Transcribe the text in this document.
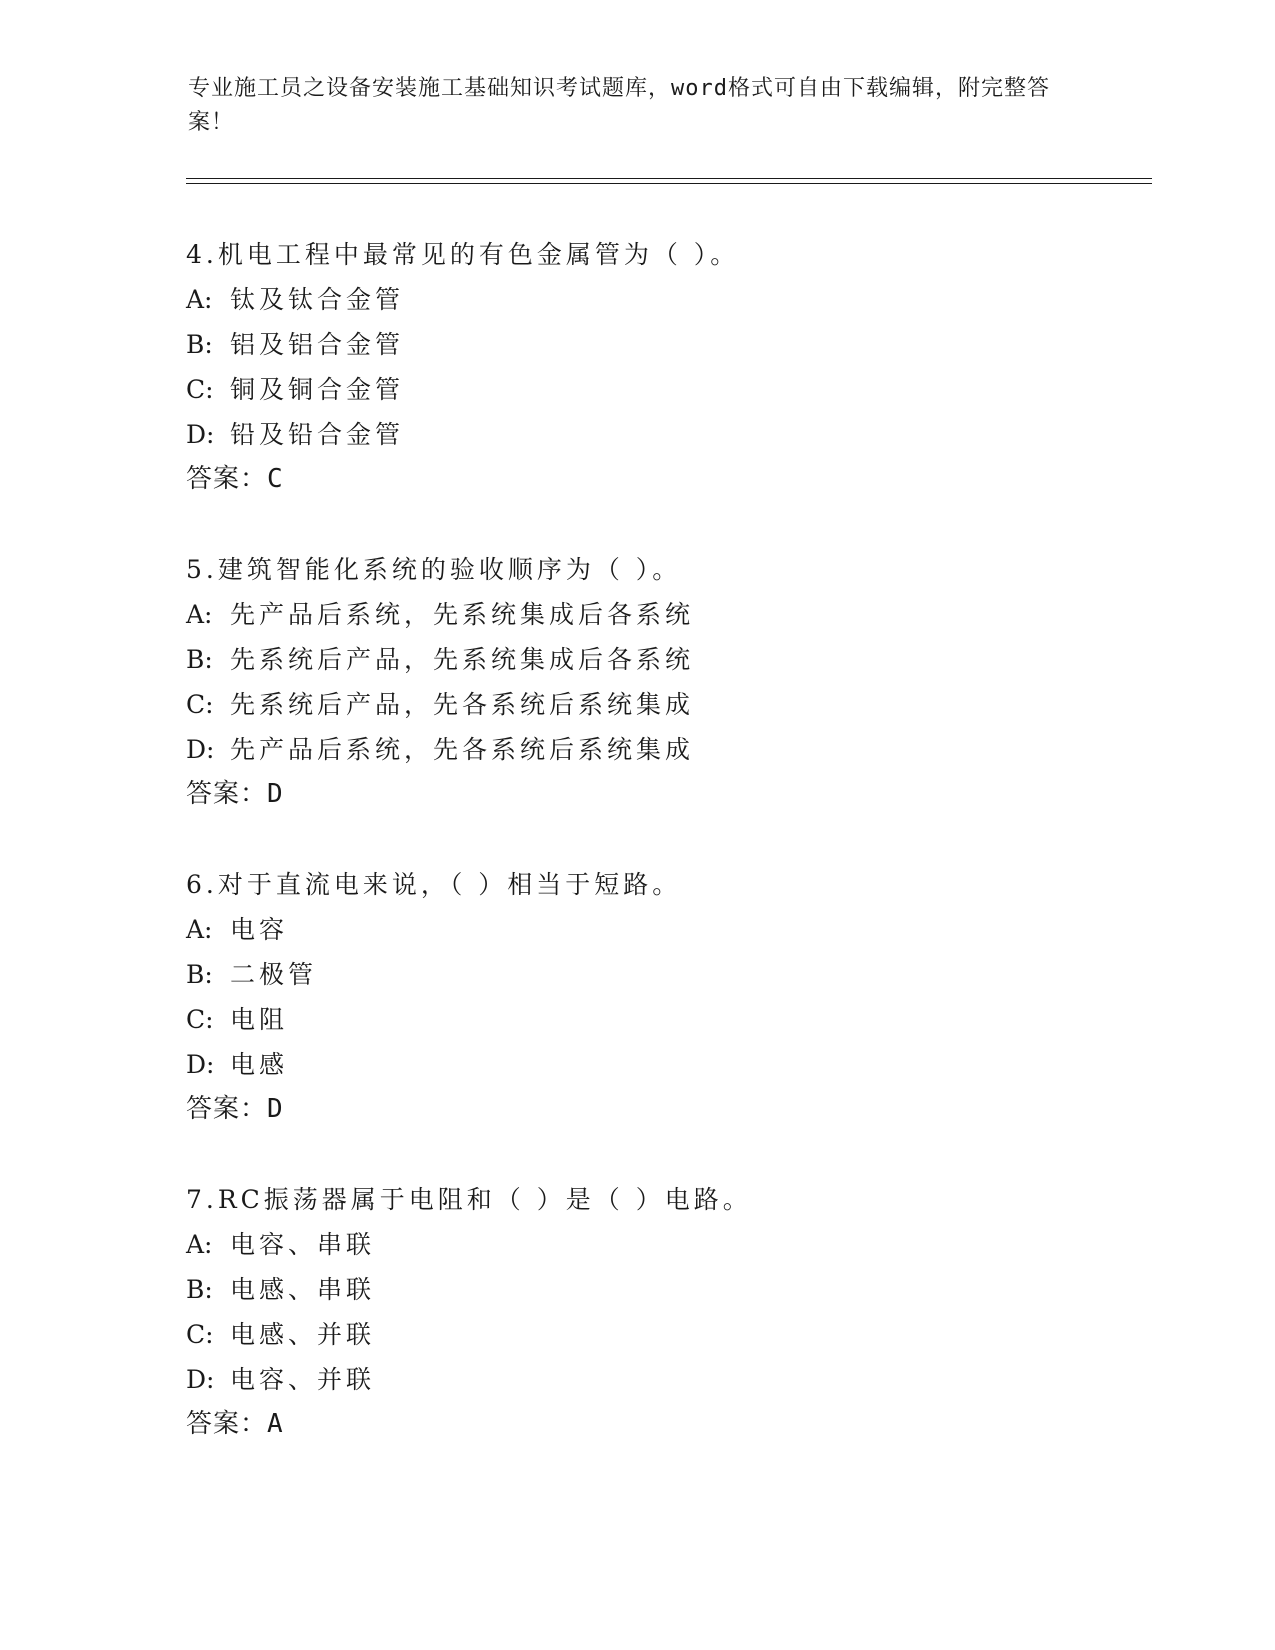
专业施工员之设备安装施工基础知识考试题库，word格式可自由下载编辑，附完整答案！

4.机电工程中最常见的有色金属管为（ ）。
A: 钛及钛合金管
B: 铝及铝合金管
C: 铜及铜合金管
D: 铅及铅合金管
答案：C
5.建筑智能化系统的验收顺序为（ ）。
A: 先产品后系统，先系统集成后各系统
B: 先系统后产品，先系统集成后各系统
C: 先系统后产品，先各系统后系统集成
D: 先产品后系统，先各系统后系统集成
答案：D
6.对于直流电来说，（ ）相当于短路。
A: 电容
B: 二极管
C: 电阻
D: 电感
答案：D
7.RC振荡器属于电阻和（ ）是（ ）电路。
A: 电容、串联
B: 电感、串联
C: 电感、并联
D: 电容、并联
答案：A
